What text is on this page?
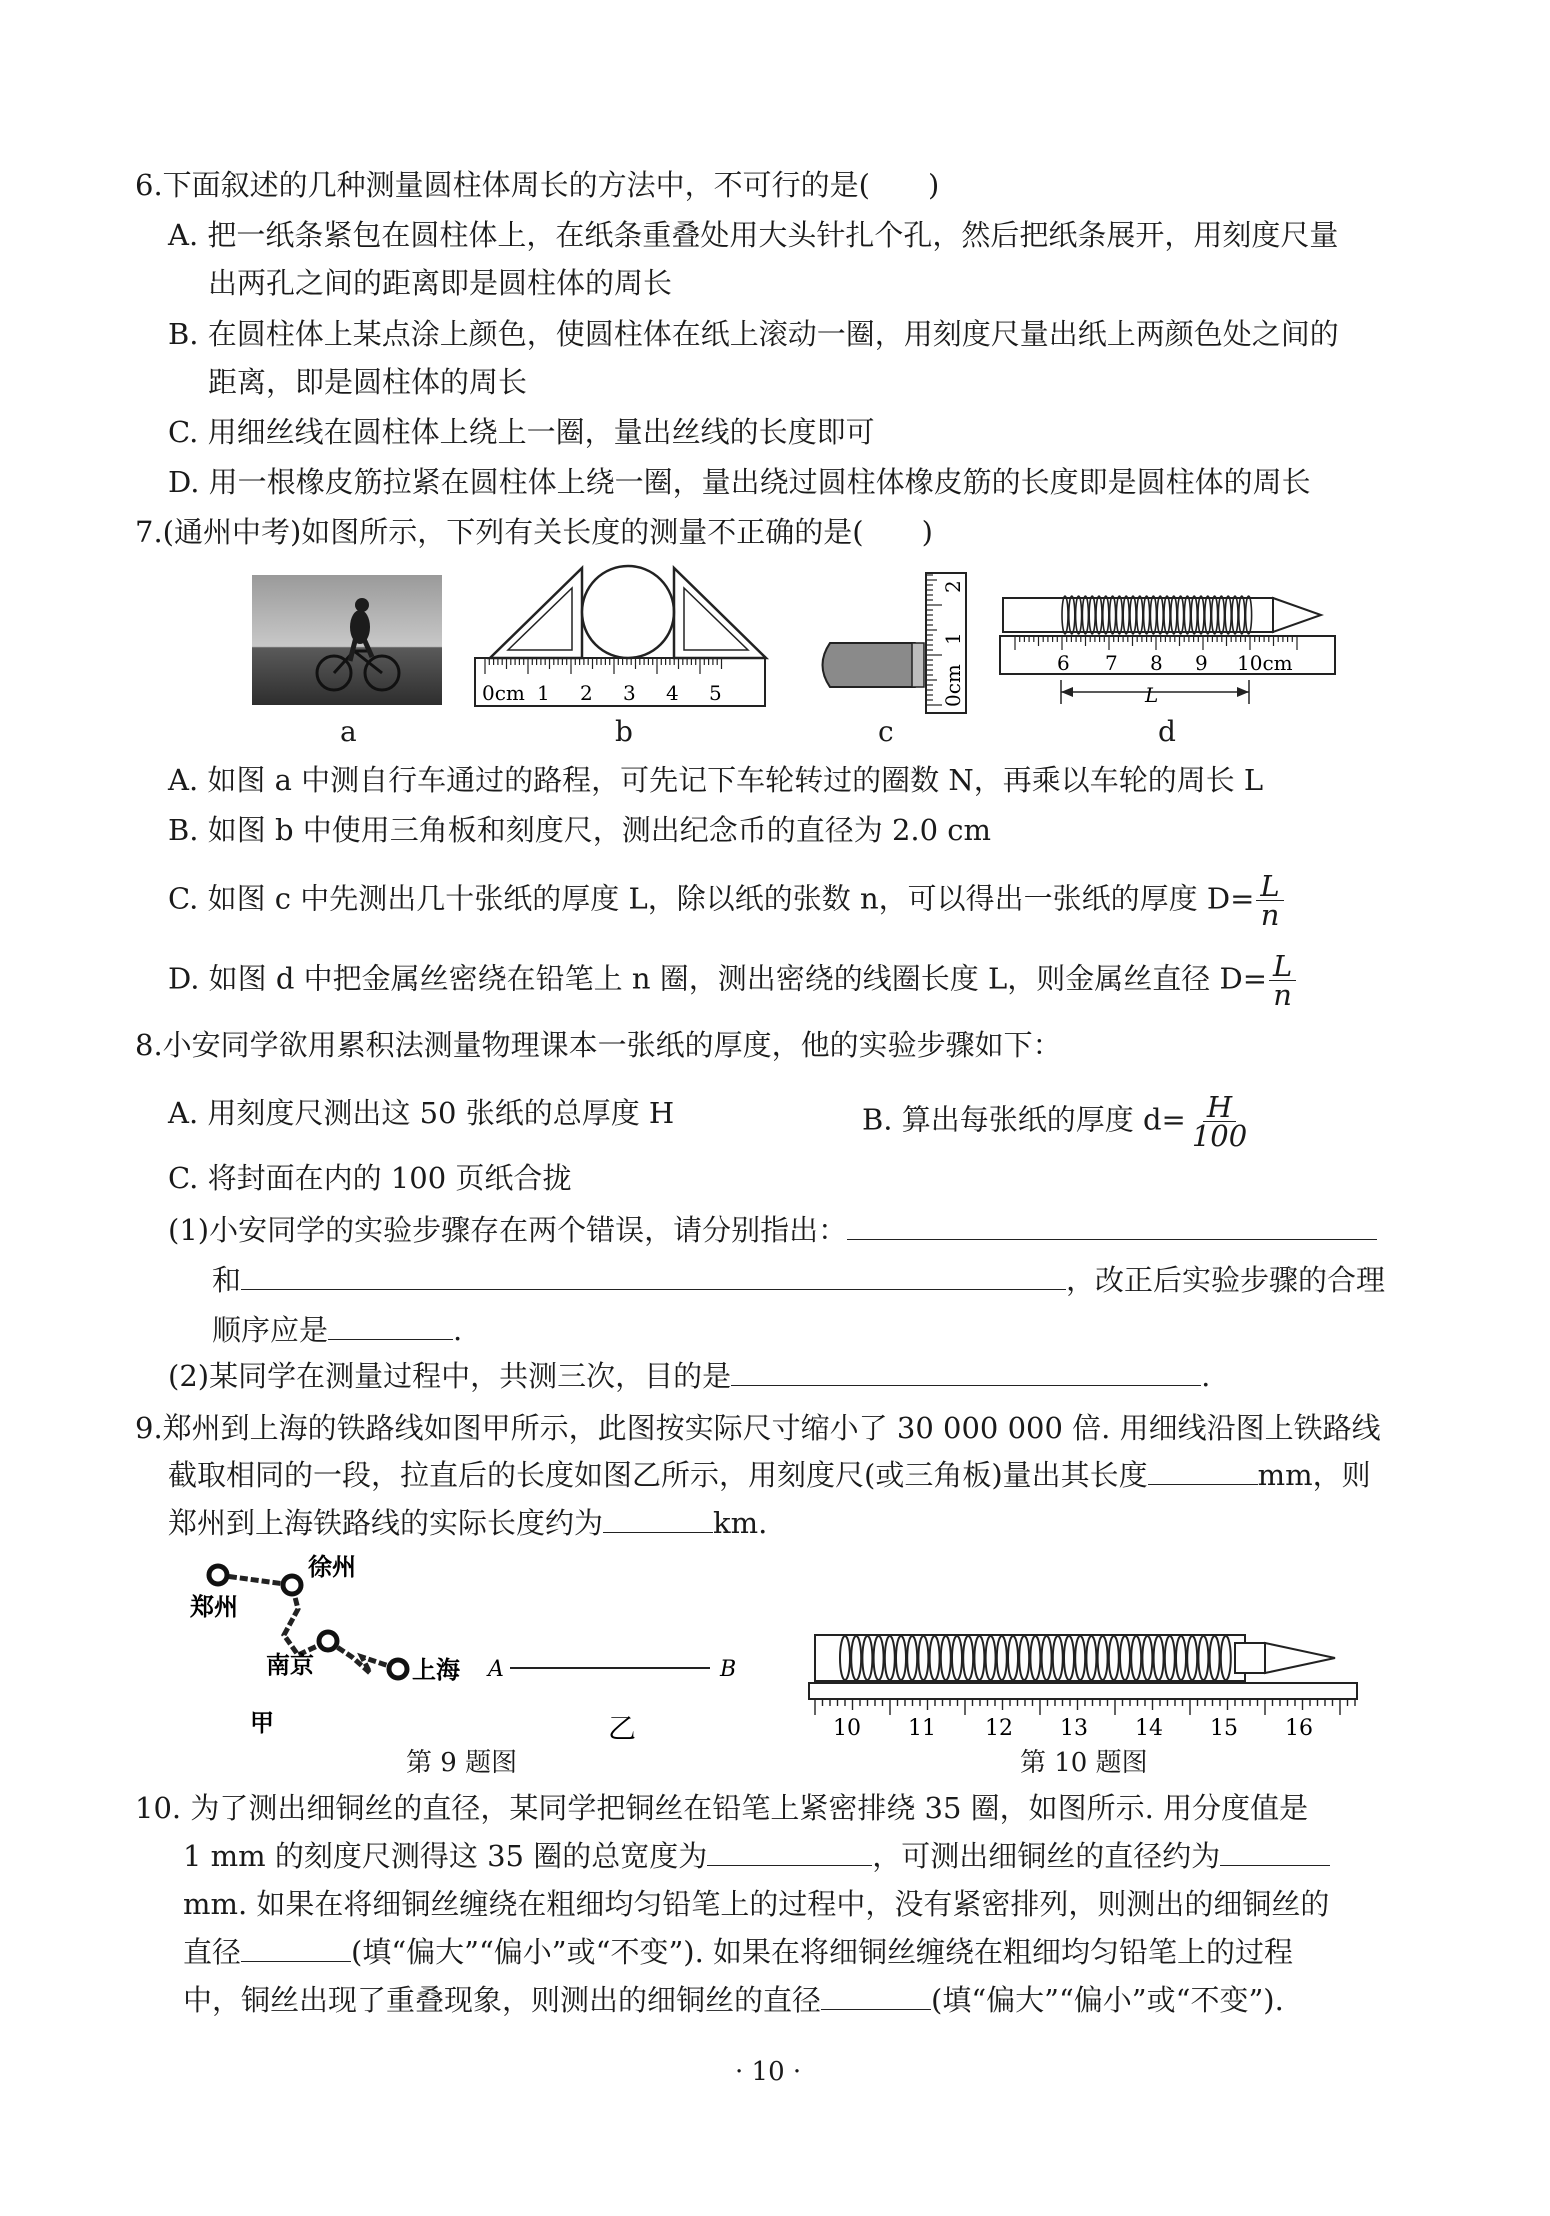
6.下面叙述的几种测量圆柱体周长的方法中，不可行的是(　　)
A. 把一纸条紧包在圆柱体上，在纸条重叠处用大头针扎个孔，然后把纸条展开，用刻度尺量
出两孔之间的距离即是圆柱体的周长
B. 在圆柱体上某点涂上颜色，使圆柱体在纸上滚动一圈，用刻度尺量出纸上两颜色处之间的
距离，即是圆柱体的周长
C. 用细丝线在圆柱体上绕上一圈，量出丝线的长度即可
D. 用一根橡皮筋拉紧在圆柱体上绕一圈，量出绕过圆柱体橡皮筋的长度即是圆柱体的周长
7.(通州中考)如图所示，下列有关长度的测量不正确的是(　　)
a
0cm 1 2 3 4 5
b
0cm
1
2
c
6 7 8 9 10cm
L
d
A. 如图 a 中测自行车通过的路程，可先记下车轮转过的圈数 N，再乘以车轮的周长 L
B. 如图 b 中使用三角板和刻度尺，测出纪念币的直径为 2.0 cm
C. 如图 c 中先测出几十张纸的厚度 L，除以纸的张数 n，可以得出一张纸的厚度 $D= \frac{L}{n}$
D. 如图 d 中把金属丝密绕在铅笔上 n 圈，测出密绕的线圈长度 L，则金属丝直径 $D= \frac{L}{n}$
8.小安同学欲用累积法测量物理课本一张纸的厚度，他的实验步骤如下：
A. 用刻度尺测出这 50 张纸的总厚度 H	B. 算出每张纸的厚度 $d= \frac{H}{100}$
C. 将封面在内的 100 页纸合拢
(1)小安同学的实验步骤存在两个错误，请分别指出：
和	，改正后实验步骤的合理
顺序应是	.
(2)某同学在测量过程中，共测三次，目的是	.
9.郑州到上海的铁路线如图甲所示，此图按实际尺寸缩小了 30 000 000 倍. 用细线沿图上铁路线
截取相同的一段，拉直后的长度如图乙所示，用刻度尺(或三角板)量出其长度	mm，则
郑州到上海铁路线的实际长度约为	km.
郑州
徐州
南京	上海
甲
A	B
乙
第 9 题图
10 11 12 13 14 15 16
第 10 题图
10. 为了测出细铜丝的直径，某同学把铜丝在铅笔上紧密排绕 35 圈，如图所示. 用分度值是
1 mm 的刻度尺测得这 35 圈的总宽度为	，可测出细铜丝的直径约为
mm. 如果在将细铜丝缠绕在粗细均匀铅笔上的过程中，没有紧密排列，则测出的细铜丝的
直径	(填“偏大”“偏小”或“不变”). 如果在将细铜丝缠绕在粗细均匀铅笔上的过程
中，铜丝出现了重叠现象，则测出的细铜丝的直径	(填“偏大”“偏小”或“不变”).
· 10 ·
